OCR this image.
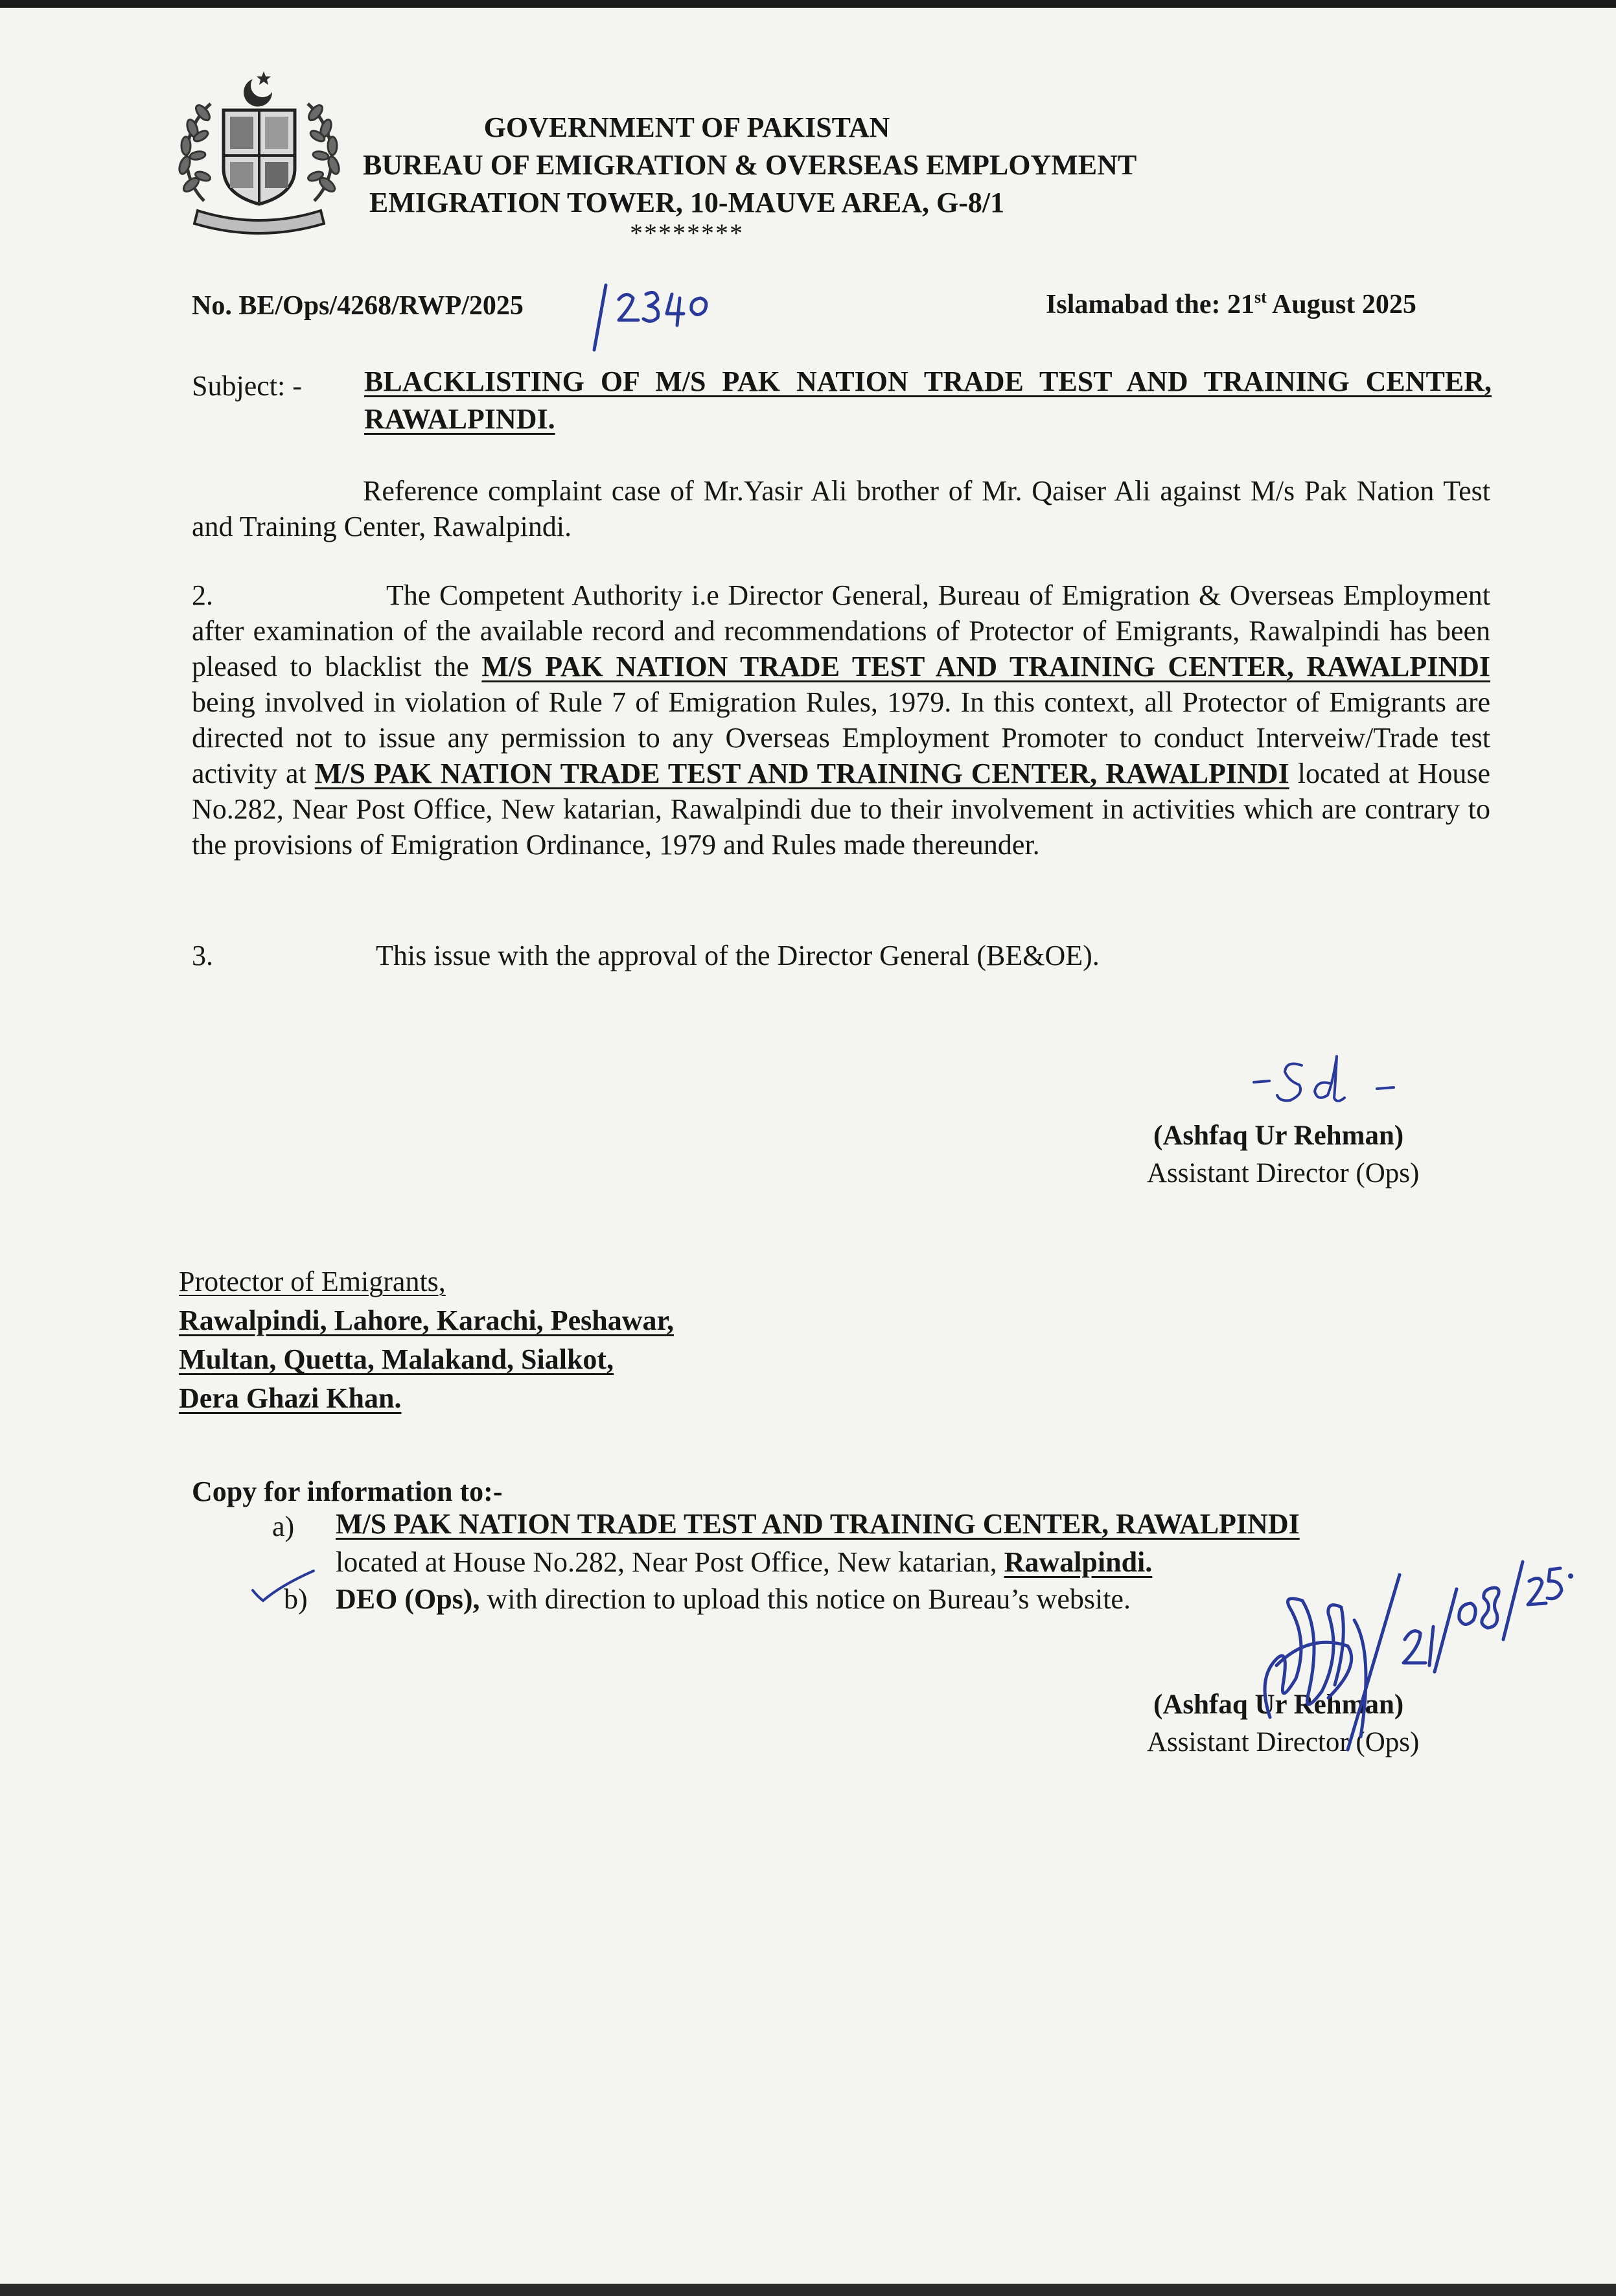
GOVERNMENT OF PAKISTAN
BUREAU OF EMIGRATION & OVERSEAS EMPLOYMENT
EMIGRATION TOWER, 10-MAUVE AREA, G-8/1
********
No. BE/Ops/4268/RWP/2025	Islamabad the: 21st August 2025
Subject: - BLACKLISTING OF M/S PAK NATION TRADE TEST AND TRAINING CENTER, RAWALPINDI.
Reference complaint case of Mr.Yasir Ali brother of Mr. Qaiser Ali against M/s Pak Nation Test and Training Center, Rawalpindi.
2.	The Competent Authority i.e Director General, Bureau of Emigration & Overseas Employment after examination of the available record and recommendations of Protector of Emigrants, Rawalpindi has been pleased to blacklist the M/S PAK NATION TRADE TEST AND TRAINING CENTER, RAWALPINDI being involved in violation of Rule 7 of Emigration Rules, 1979. In this context, all Protector of Emigrants are directed not to issue any permission to any Overseas Employment Promoter to conduct Interveiw/Trade test activity at M/S PAK NATION TRADE TEST AND TRAINING CENTER, RAWALPINDI located at House No.282, Near Post Office, New katarian, Rawalpindi due to their involvement in activities which are contrary to the provisions of Emigration Ordinance, 1979 and Rules made thereunder.
3.	This issue with the approval of the Director General (BE&OE).
(Ashfaq Ur Rehman)
Assistant Director (Ops)
Protector of Emigrants,
Rawalpindi, Lahore, Karachi, Peshawar,
Multan, Quetta, Malakand, Sialkot,
Dera Ghazi Khan.
Copy for information to:-
a) M/S PAK NATION TRADE TEST AND TRAINING CENTER, RAWALPINDI
located at House No.282, Near Post Office, New katarian, Rawalpindi.
b) DEO (Ops), with direction to upload this notice on Bureau’s website.
(Ashfaq Ur Rehman)
Assistant Director (Ops)
